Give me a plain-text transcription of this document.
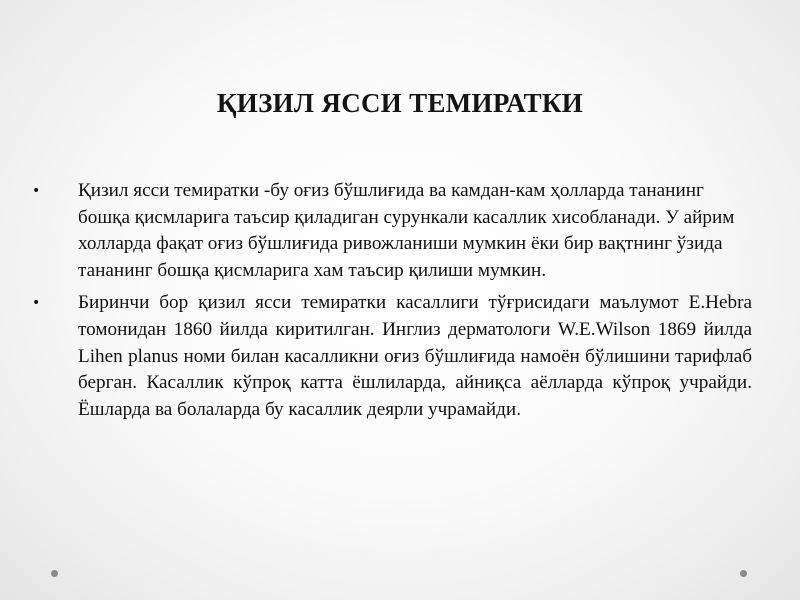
ҚИЗИЛ ЯССИ ТЕМИРАТКИ
• Қизил ясси темиратки -бу оғиз бўшлиғида ва камдан-кам ҳолларда тананинг бошқа қисмларига таъсир қиладиган сурункали касаллик хисобланади. У айрим холларда фақат оғиз бўшлиғида ривожланиши мумкин ёки бир вақтнинг ўзида тананинг бошқа қисмларига хам таъсир қилиши мумкин.
• Биринчи бор қизил ясси темиратки касаллиги тўғрисидаги маълумот E.Hebra томонидан 1860 йилда киритилган. Инглиз дерматологи W.E.Wilson 1869 йилда Lihen planus номи билан касалликни оғиз бўшлиғида намоён бўлишини тарифлаб берган. Касаллик кўпроқ катта ёшлиларда, айниқса аёлларда кўпроқ учрайди. Ёшларда ва болаларда бу касаллик деярли учрамайди.
